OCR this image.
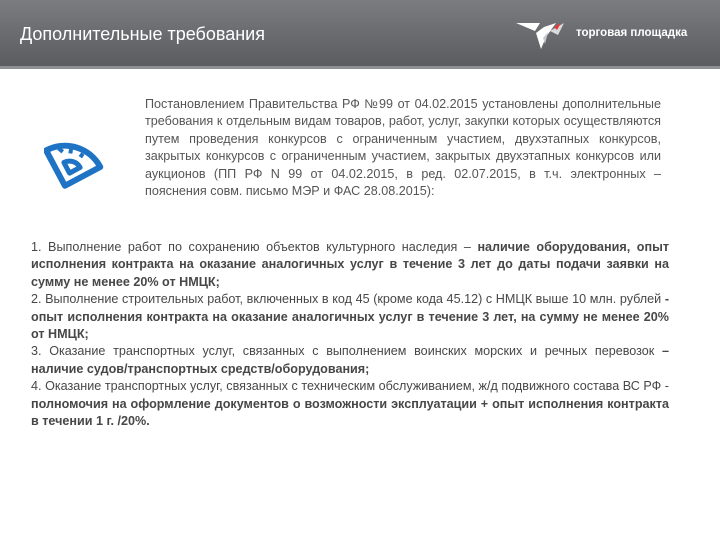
Дополнительные требования	торговая площадка

Постановлением Правительства РФ №99 от 04.02.2015 установлены дополнительные требования к отдельным видам товаров, работ, услуг, закупки которых осуществляются путем проведения конкурсов с ограниченным участием, двухэтапных конкурсов, закрытых конкурсов с ограниченным участием, закрытых двухэтапных конкурсов или аукционов (ПП РФ N 99 от 04.02.2015, в ред. 02.07.2015, в т.ч. электронных – пояснения совм. письмо МЭР и ФАС 28.08.2015):

1. Выполнение работ по сохранению объектов культурного наследия – наличие оборудования, опыт исполнения контракта на оказание аналогичных услуг в течение 3 лет до даты подачи заявки на сумму не менее 20% от НМЦК;

2. Выполнение строительных работ, включенных в код 45 (кроме кода 45.12) с НМЦК выше 10 млн. рублей - опыт исполнения контракта на оказание аналогичных услуг в течение 3 лет, на сумму не менее 20% от НМЦК;

3. Оказание транспортных услуг, связанных с выполнением воинских морских и речных перевозок – наличие судов/транспортных средств/оборудования;

4. Оказание транспортных услуг, связанных с техническим обслуживанием, ж/д подвижного состава ВС РФ - полномочия на оформление документов о возможности эксплуатации + опыт исполнения контракта в течении 1 г. /20%.
